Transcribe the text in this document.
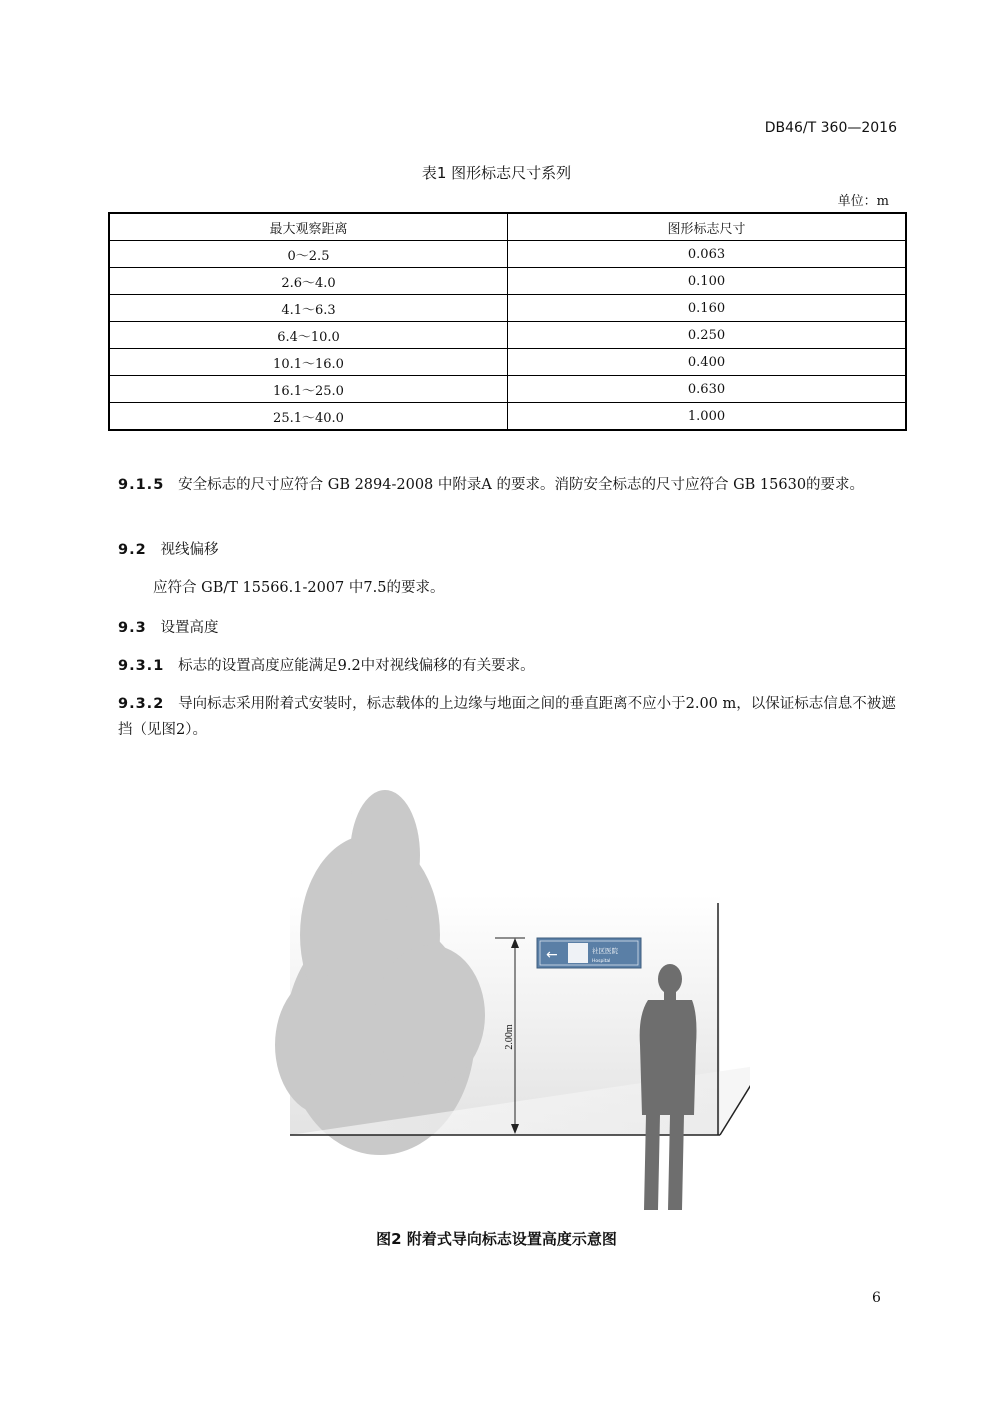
DB46/T 360—2016
表1 图形标志尺寸系列
单位：m
最大观察距离	图形标志尺寸
0～2.5	0.063
2.6～4.0	0.100
4.1～6.3	0.160
6.4～10.0	0.250
10.1～16.0	0.400
16.1～25.0	0.630
25.1～40.0	1.000
9.1.5 安全标志的尺寸应符合 GB 2894-2008 中附录A 的要求。消防安全标志的尺寸应符合 GB 15630的要求。
9.2 视线偏移
应符合 GB/T 15566.1-2007 中7.5的要求。
9.3 设置高度
9.3.1 标志的设置高度应能满足9.2中对视线偏移的有关要求。
9.3.2 导向标志采用附着式安装时，标志载体的上边缘与地面之间的垂直距离不应小于2.00 m，以保证标志信息不被遮挡（见图2）。
2.00m
←	社区医院
Hospital
图2 附着式导向标志设置高度示意图
6
